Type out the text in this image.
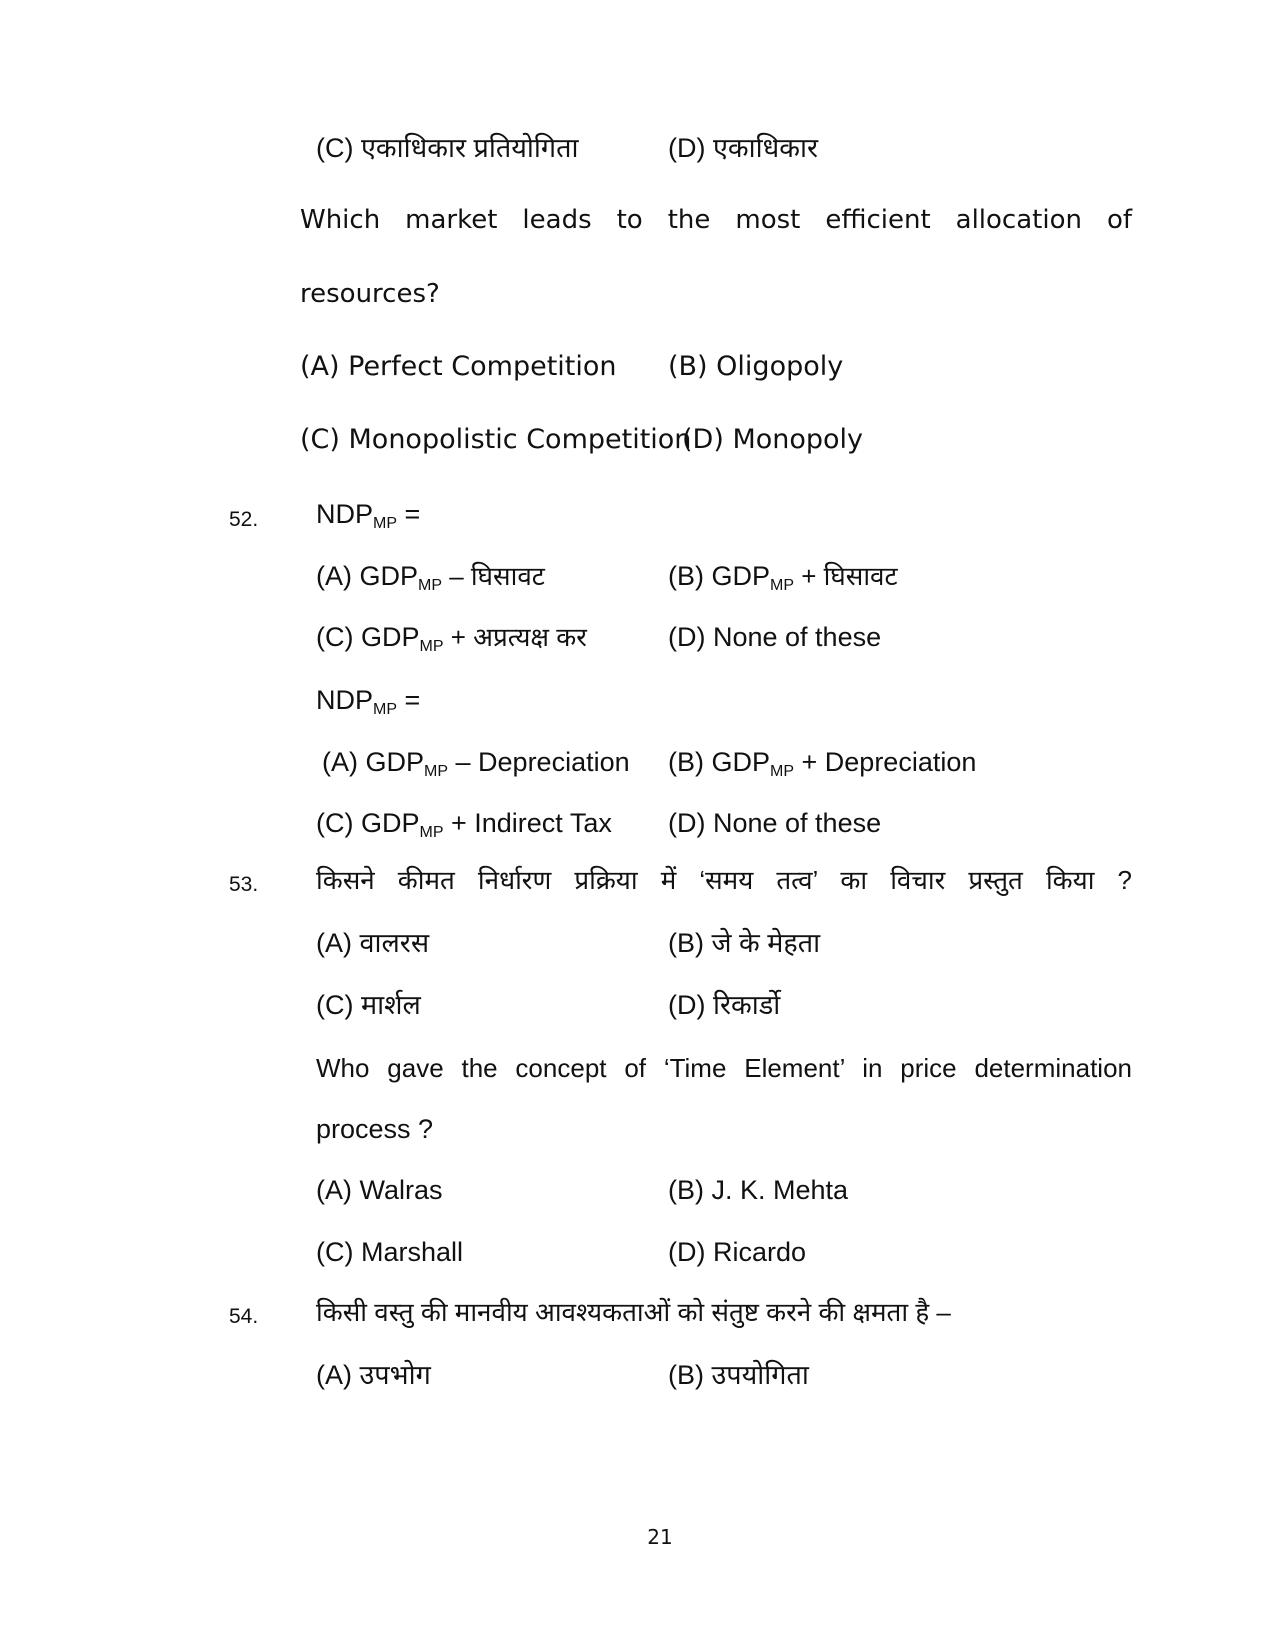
(C) एकाधिकार प्रतियोगिता	(D) एकाधिकार
Which market leads to the most efficient allocation of
resources?
(A) Perfect Competition (B) Oligopoly
(C) Monopolistic Competition
(D) Monopoly
52. $NDP_{MP}$ =
(A) $GDP_{MP}$ – घिसावट	(B) $GDP_{MP}$ + घिसावट
(C) $GDP_{MP}$ + अप्रत्यक्ष कर	(D) None of these
$NDP_{MP}$ =
(A) $GDP_{MP}$ – Depreciation (B) $GDP_{MP}$ + Depreciation
(C) $GDP_{MP}$ + Indirect Tax (D) None of these
53. किसने कीमत निर्धारण प्रक्रिया में ‘समय तत्व’ का विचार प्रस्तुत किया ?
(A) वालरस	(B) जे के मेहता
(C) मार्शल	(D) रिकार्डो
Who gave the concept of ‘Time Element’ in price determination
process ?
(A) Walras	(B) J. K. Mehta
(C) Marshall	(D) Ricardo
54. किसी वस्तु की मानवीय आवश्यकताओं को संतुष्ट करने की क्षमता है –
(A) उपभोग	(B) उपयोगिता
21
